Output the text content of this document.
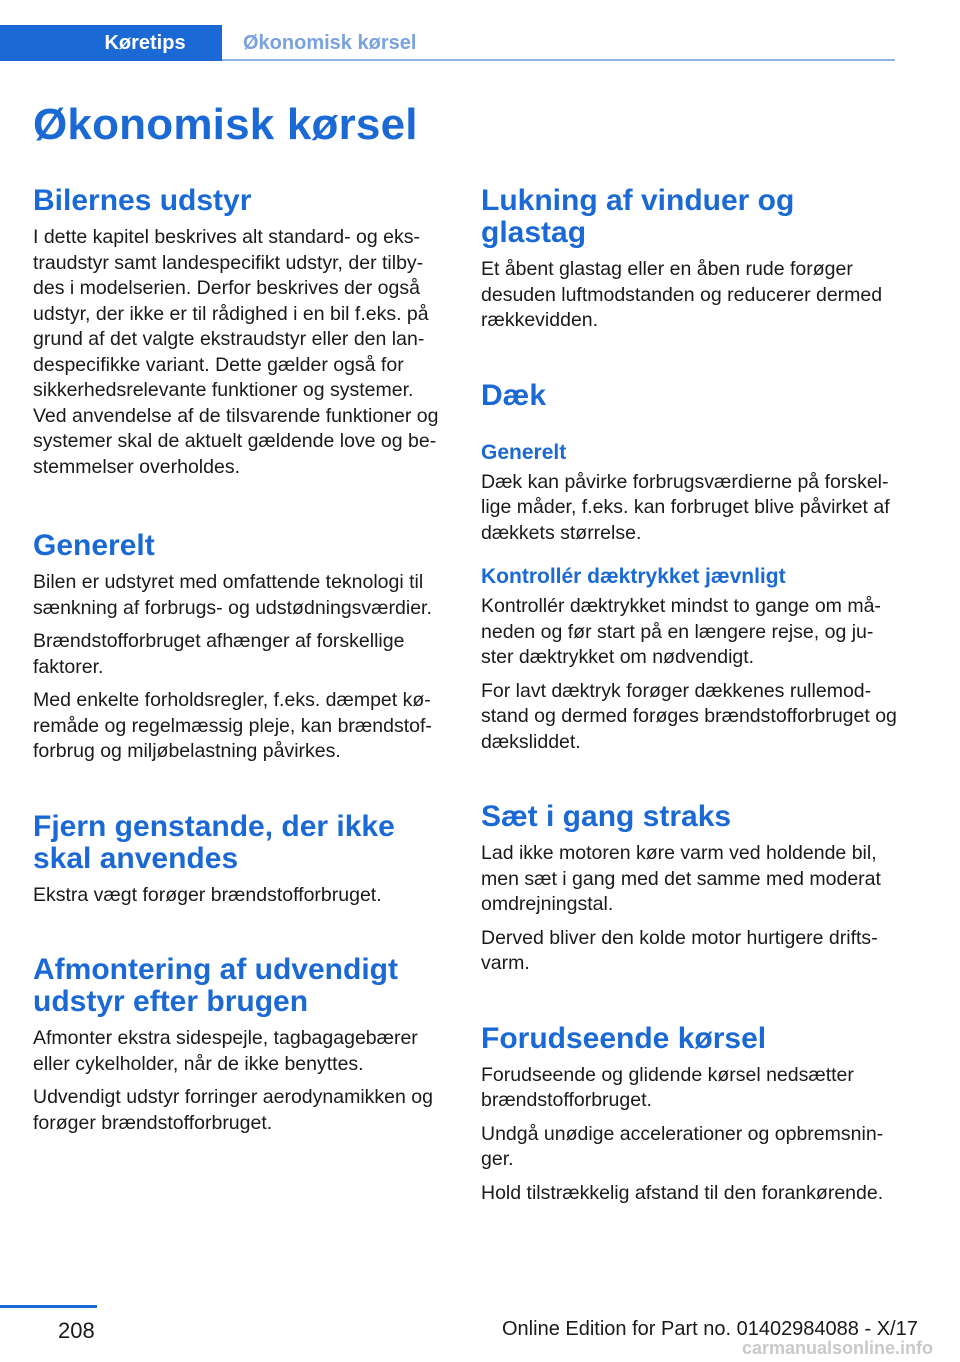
Køretips	Økonomisk kørsel
Økonomisk kørsel
Bilernes udstyr

I dette kapitel beskrives alt standard- og ekstraudstyr samt landespecifikt udstyr, der tilbydes i modelserien. Derfor beskrives der også udstyr, der ikke er til rådighed i en bil f.eks. på grund af det valgte ekstraudstyr eller den landespecifikke variant. Dette gælder også for sikkerhedsrelevante funktioner og systemer. Ved anvendelse af de tilsvarende funktioner og systemer skal de aktuelt gældende love og bestemmelser overholdes.

Generelt

Bilen er udstyret med omfattende teknologi til sænkning af forbrugs- og udstødningsværdier.

Brændstofforbruget afhænger af forskellige faktorer.

Med enkelte forholdsregler, f.eks. dæmpet køremåde og regelmæssig pleje, kan brændstofforbrug og miljøbelastning påvirkes.

Fjern genstande, der ikke skal anvendes

Ekstra vægt forøger brændstofforbruget.

Afmontering af udvendigt udstyr efter brugen

Afmonter ekstra sidespejle, tagbagagebærer eller cykelholder, når de ikke benyttes.

Udvendigt udstyr forringer aerodynamikken og forøger brændstofforbruget.

Lukning af vinduer og glastag

Et åbent glastag eller en åben rude forøger desuden luftmodstanden og reducerer dermed rækkevidden.

Dæk
Generelt

Dæk kan påvirke forbrugsværdierne på forskellige måder, f.eks. kan forbruget blive påvirket af dækkets størrelse.

Kontrollér dæktrykket jævnligt

Kontrollér dæktrykket mindst to gange om måneden og før start på en længere rejse, og juster dæktrykket om nødvendigt.

For lavt dæktryk forøger dækkenes rullemodstand og dermed forøges brændstofforbruget og dæksliddet.

Sæt i gang straks

Lad ikke motoren køre varm ved holdende bil, men sæt i gang med det samme med moderat omdrejningstal.

Derved bliver den kolde motor hurtigere driftsvarm.

Forudseende kørsel

Forudseende og glidende kørsel nedsætter brændstofforbruget.

Undgå unødige accelerationer og opbremsninger.

Hold tilstrækkelig afstand til den forankørende.

208	Online Edition for Part no. 01402984088 - X/17
carmanualsonline.info
